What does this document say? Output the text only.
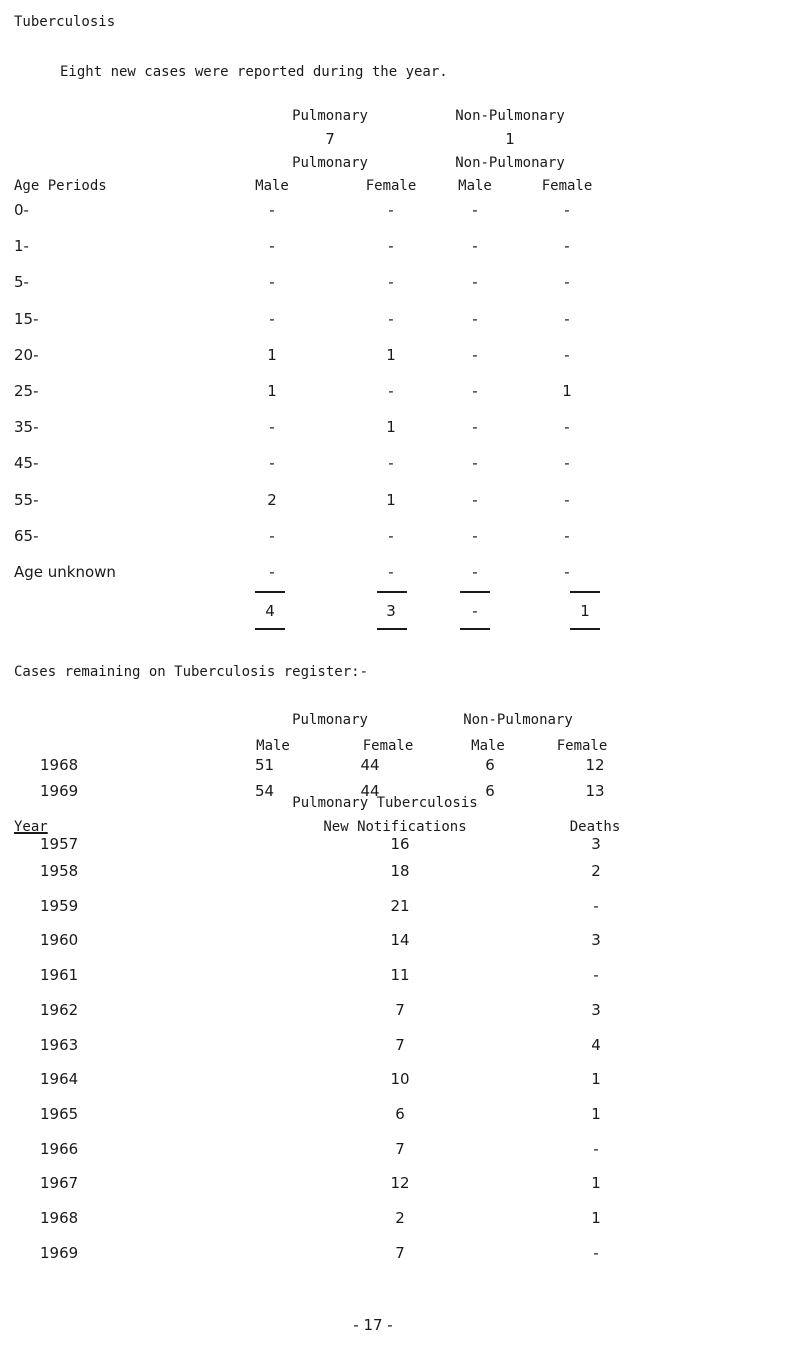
Tuberculosis
Eight new cases were reported during the year.
Pulmonary	Non-Pulmonary
7	1
Pulmonary	Non-Pulmonary
Age Periods	Male	Female	Male	Female
0-	-	-	-	-
1-	-	-	-	-
5-	-	-	-	-
15-	-	-	-	-
20-	1	1	-	-
25-	1	-	-	1
35-	-	1	-	-
45-	-	-	-	-
55-	2	1	-	-
65-	-	-	-	-
Age unknown	-	-	-	-
4	3	-	1
Cases remaining on Tuberculosis register:-
Pulmonary	Non-Pulmonary
Male	Female	Male	Female
1968	51	44	6	12
1969	54	44	6	13
Pulmonary Tuberculosis
Year	New Notifications	Deaths
1957	16	3
1958	18	2
1959	21	-
1960	14	3
1961	11	-
1962	7	3
1963	7	4
1964	10	1
1965	6	1
1966	7	-
1967	12	1
1968	2	1
1969	7	-
- 17 -
